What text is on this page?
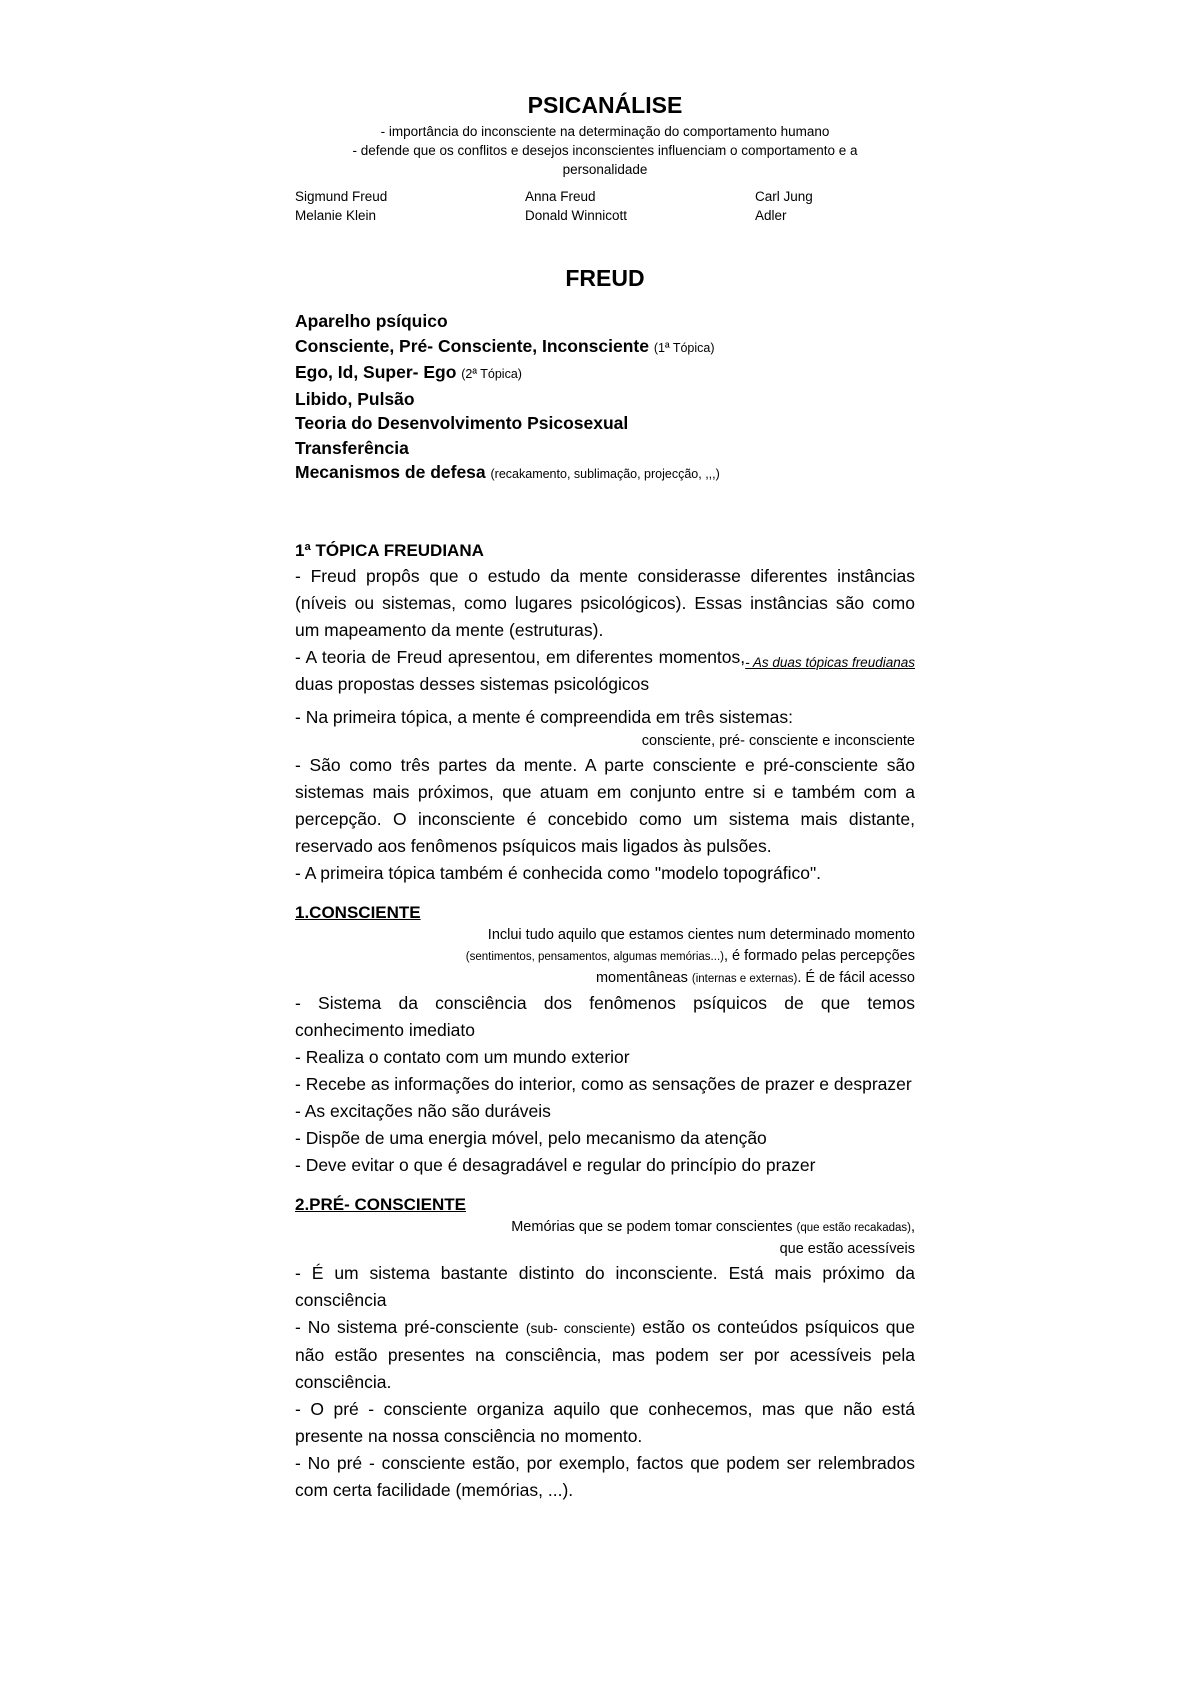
PSICANÁLISE
- importância do inconsciente na determinação do comportamento humano
- defende que os conflitos e desejos inconscientes influenciam o comportamento e a
personalidade
Sigmund Freud	Anna Freud	Carl Jung
Melanie Klein	Donald Winnicott	Adler
FREUD
Aparelho psíquico
Consciente, Pré- Consciente, Inconsciente (1ª Tópica)
Ego, Id, Super- Ego (2ª Tópica)
Libido, Pulsão
Teoria do Desenvolvimento Psicosexual
Transferência
Mecanismos de defesa (recakamento, sublimação, projecção, ,,,)
1ª TÓPICA FREUDIANA
- Freud propôs que o estudo da mente considerasse diferentes instâncias (níveis ou sistemas, como lugares psicológicos). Essas instâncias são como um mapeamento da mente (estruturas).
- As duas tópicas freudianas
- A teoria de Freud apresentou, em diferentes momentos, duas propostas desses sistemas psicológicos
- Na primeira tópica, a mente é compreendida em três sistemas:
consciente, pré- consciente e inconsciente
- São como três partes da mente. A parte consciente e pré-consciente são sistemas mais próximos, que atuam em conjunto entre si e também com a percepção. O inconsciente é concebido como um sistema mais distante, reservado aos fenômenos psíquicos mais ligados às pulsões.
- A primeira tópica também é conhecida como "modelo topográfico".
1.CONSCIENTE
Inclui tudo aquilo que estamos cientes num determinado momento
(sentimentos, pensamentos, algumas memórias...), é formado pelas percepções
momentâneas (internas e externas). É de fácil acesso
- Sistema da consciência dos fenômenos psíquicos de que temos conhecimento imediato
- Realiza o contato com um mundo exterior
- Recebe as informações do interior, como as sensações de prazer e desprazer
- As excitações não são duráveis
- Dispõe de uma energia móvel, pelo mecanismo da atenção
- Deve evitar o que é desagradável e regular do princípio do prazer
2.PRÉ- CONSCIENTE
Memórias que se podem tomar conscientes (que estão recakadas),
que estão acessíveis
- É um sistema bastante distinto do inconsciente. Está mais próximo da consciência
- No sistema pré-consciente (sub- consciente) estão os conteúdos psíquicos que não estão presentes na consciência, mas podem ser por acessíveis pela consciência.
- O pré - consciente organiza aquilo que conhecemos, mas que não está presente na nossa consciência no momento.
- No pré - consciente estão, por exemplo, factos que podem ser relembrados com certa facilidade (memórias, ...).
